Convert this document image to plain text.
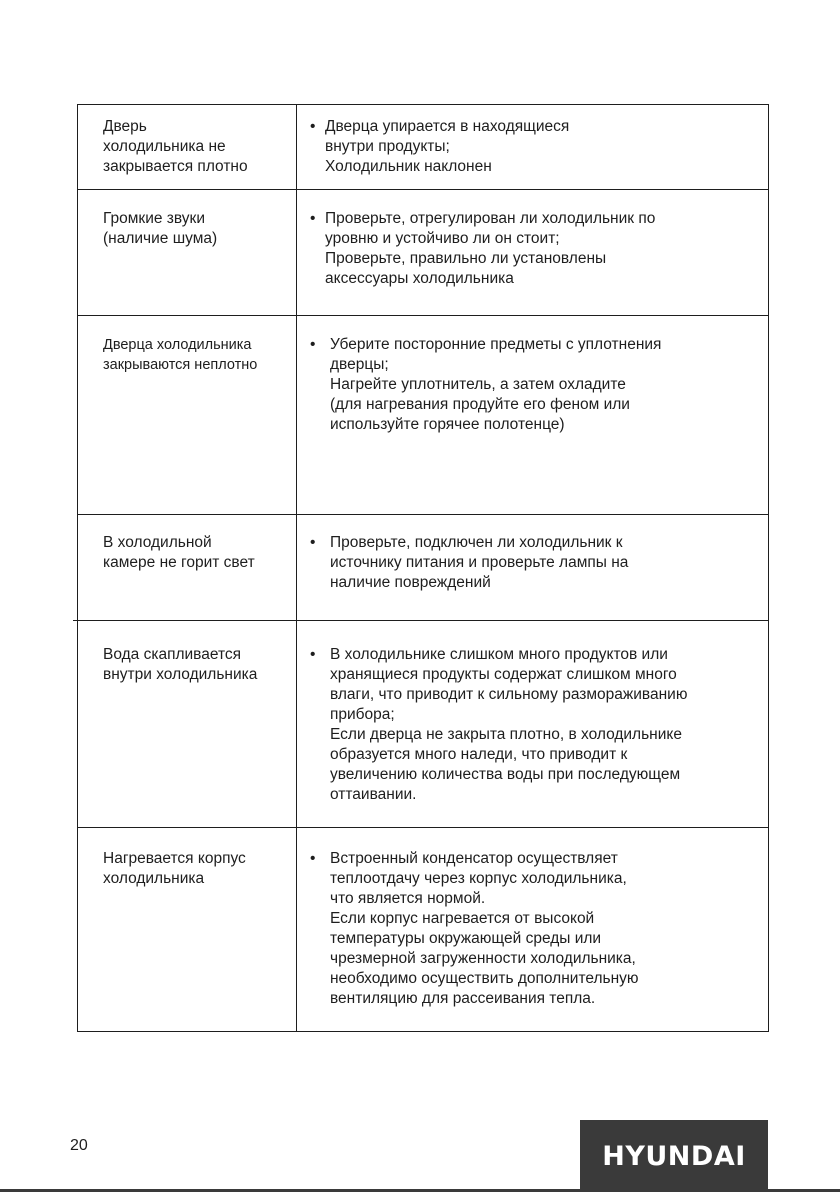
Дверь
холодильника не
закрывается плотно
• Дверца упирается в находящиеся
внутри продукты;
Холодильник наклонен
Громкие звуки
(наличие шума)
• Проверьте, отрегулирован ли холодильник по
уровню и устойчиво ли он стоит;
Проверьте, правильно ли установлены
аксессуары холодильника
Дверца холодильника
закрываются неплотно
• Уберите посторонние предметы с уплотнения
дверцы;
Нагрейте уплотнитель, а затем охладите
(для нагревания продуйте его феном или
используйте горячее полотенце)
В холодильной
камере не горит свет
• Проверьте, подключен ли холодильник к
источнику питания и проверьте лампы на
наличие повреждений
Вода скапливается
внутри холодильника
• В холодильнике слишком много продуктов или
хранящиеся продукты содержат слишком много
влаги, что приводит к сильному размораживанию
прибора;
Если дверца не закрыта плотно, в холодильнике
образуется много наледи, что приводит к
увеличению количества воды при последующем
оттаивании.
Нагревается корпус
холодильника
• Встроенный конденсатор осуществляет
теплоотдачу через корпус холодильника,
что является нормой.
Если корпус нагревается от высокой
температуры окружающей среды или
чрезмерной загруженности холодильника,
необходимо осуществить дополнительную
вентиляцию для рассеивания тепла.
20	HYUNDAI
